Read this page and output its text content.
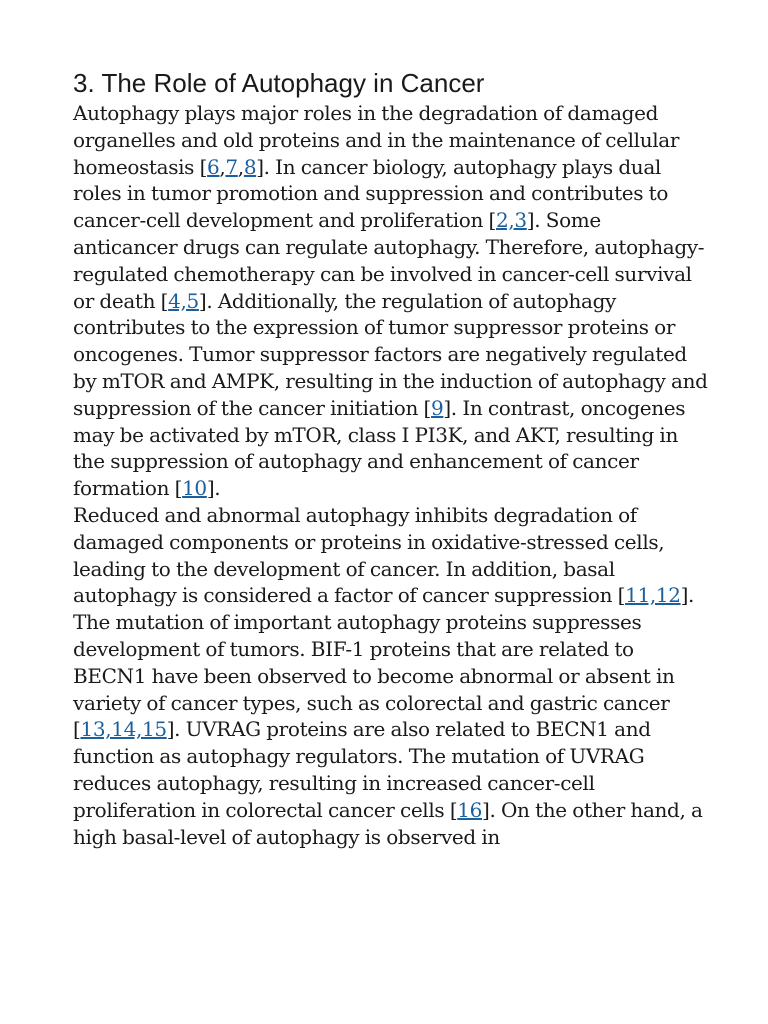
3. The Role of Autophagy in Cancer

Autophagy plays major roles in the degradation of damaged organelles and old proteins and in the maintenance of cellular homeostasis [6,7,8]. In cancer biology, autophagy plays dual roles in tumor promotion and suppression and contributes to cancer-cell development and proliferation [2,3]. Some anticancer drugs can regulate autophagy. Therefore, autophagy-regulated chemotherapy can be involved in cancer-cell survival or death [4,5]. Additionally, the regulation of autophagy contributes to the expression of tumor suppressor proteins or oncogenes. Tumor suppressor factors are negatively regulated by mTOR and AMPK, resulting in the induction of autophagy and suppression of the cancer initiation [9]. In contrast, oncogenes may be activated by mTOR, class I PI3K, and AKT, resulting in the suppression of autophagy and enhancement of cancer formation [10].

Reduced and abnormal autophagy inhibits degradation of damaged components or proteins in oxidative-stressed cells, leading to the development of cancer. In addition, basal autophagy is considered a factor of cancer suppression [11,12]. The mutation of important autophagy proteins suppresses development of tumors. BIF-1 proteins that are related to BECN1 have been observed to become abnormal or absent in variety of cancer types, such as colorectal and gastric cancer [13,14,15]. UVRAG proteins are also related to BECN1 and function as autophagy regulators. The mutation of UVRAG reduces autophagy, resulting in increased cancer-cell proliferation in colorectal cancer cells [16]. On the other hand, a high basal-level of autophagy is observed in
